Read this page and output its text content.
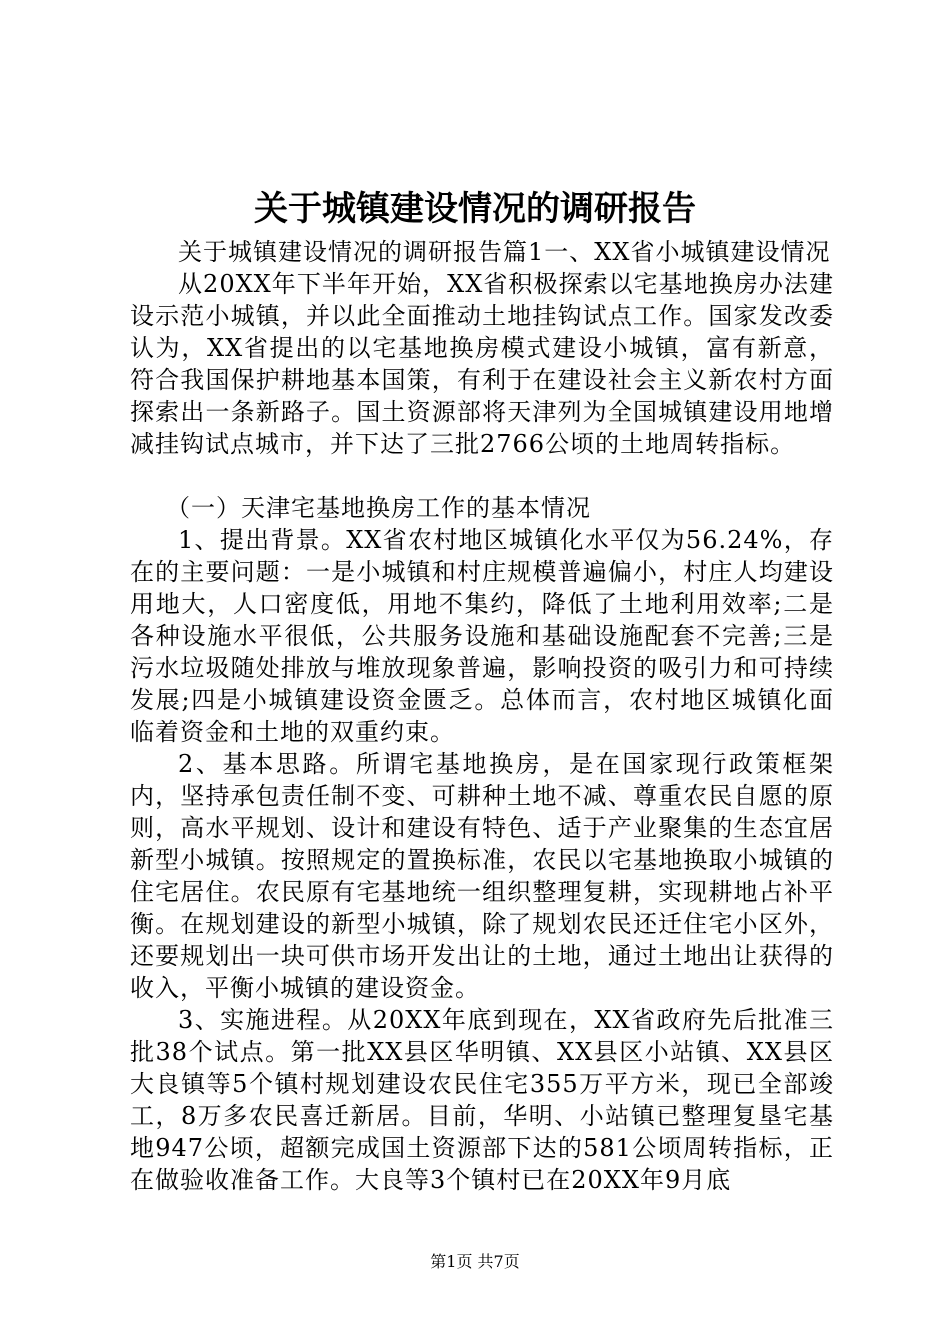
关于城镇建设情况的调研报告

关于城镇建设情况的调研报告篇1一、XX省小城镇建设情况

从20XX年下半年开始，XX省积极探索以宅基地换房办法建设示范小城镇，并以此全面推动土地挂钩试点工作。国家发改委认为，XX省提出的以宅基地换房模式建设小城镇，富有新意，符合我国保护耕地基本国策，有利于在建设社会主义新农村方面探索出一条新路子。国土资源部将天津列为全国城镇建设用地增减挂钩试点城市，并下达了三批2766公顷的土地周转指标。

（一）天津宅基地换房工作的基本情况

1、提出背景。XX省农村地区城镇化水平仅为56.24%，存在的主要问题：一是小城镇和村庄规模普遍偏小，村庄人均建设用地大，人口密度低，用地不集约，降低了土地利用效率;二是各种设施水平很低，公共服务设施和基础设施配套不完善;三是污水垃圾随处排放与堆放现象普遍，影响投资的吸引力和可持续发展;四是小城镇建设资金匮乏。总体而言，农村地区城镇化面临着资金和土地的双重约束。

2、基本思路。所谓宅基地换房，是在国家现行政策框架内，坚持承包责任制不变、可耕种土地不减、尊重农民自愿的原则，高水平规划、设计和建设有特色、适于产业聚集的生态宜居新型小城镇。按照规定的置换标准，农民以宅基地换取小城镇的住宅居住。农民原有宅基地统一组织整理复耕，实现耕地占补平衡。在规划建设的新型小城镇，除了规划农民还迁住宅小区外，还要规划出一块可供市场开发出让的土地，通过土地出让获得的收入，平衡小城镇的建设资金。

3、实施进程。从20XX年底到现在，XX省政府先后批准三批38个试点。第一批XX县区华明镇、XX县区小站镇、XX县区大良镇等5个镇村规划建设农民住宅355万平方米，现已全部竣工，8万多农民喜迁新居。目前，华明、小站镇已整理复垦宅基地947公顷，超额完成国土资源部下达的581公顷周转指标，正在做验收准备工作。大良等3个镇村已在20XX年9月底

第1页 共7页
